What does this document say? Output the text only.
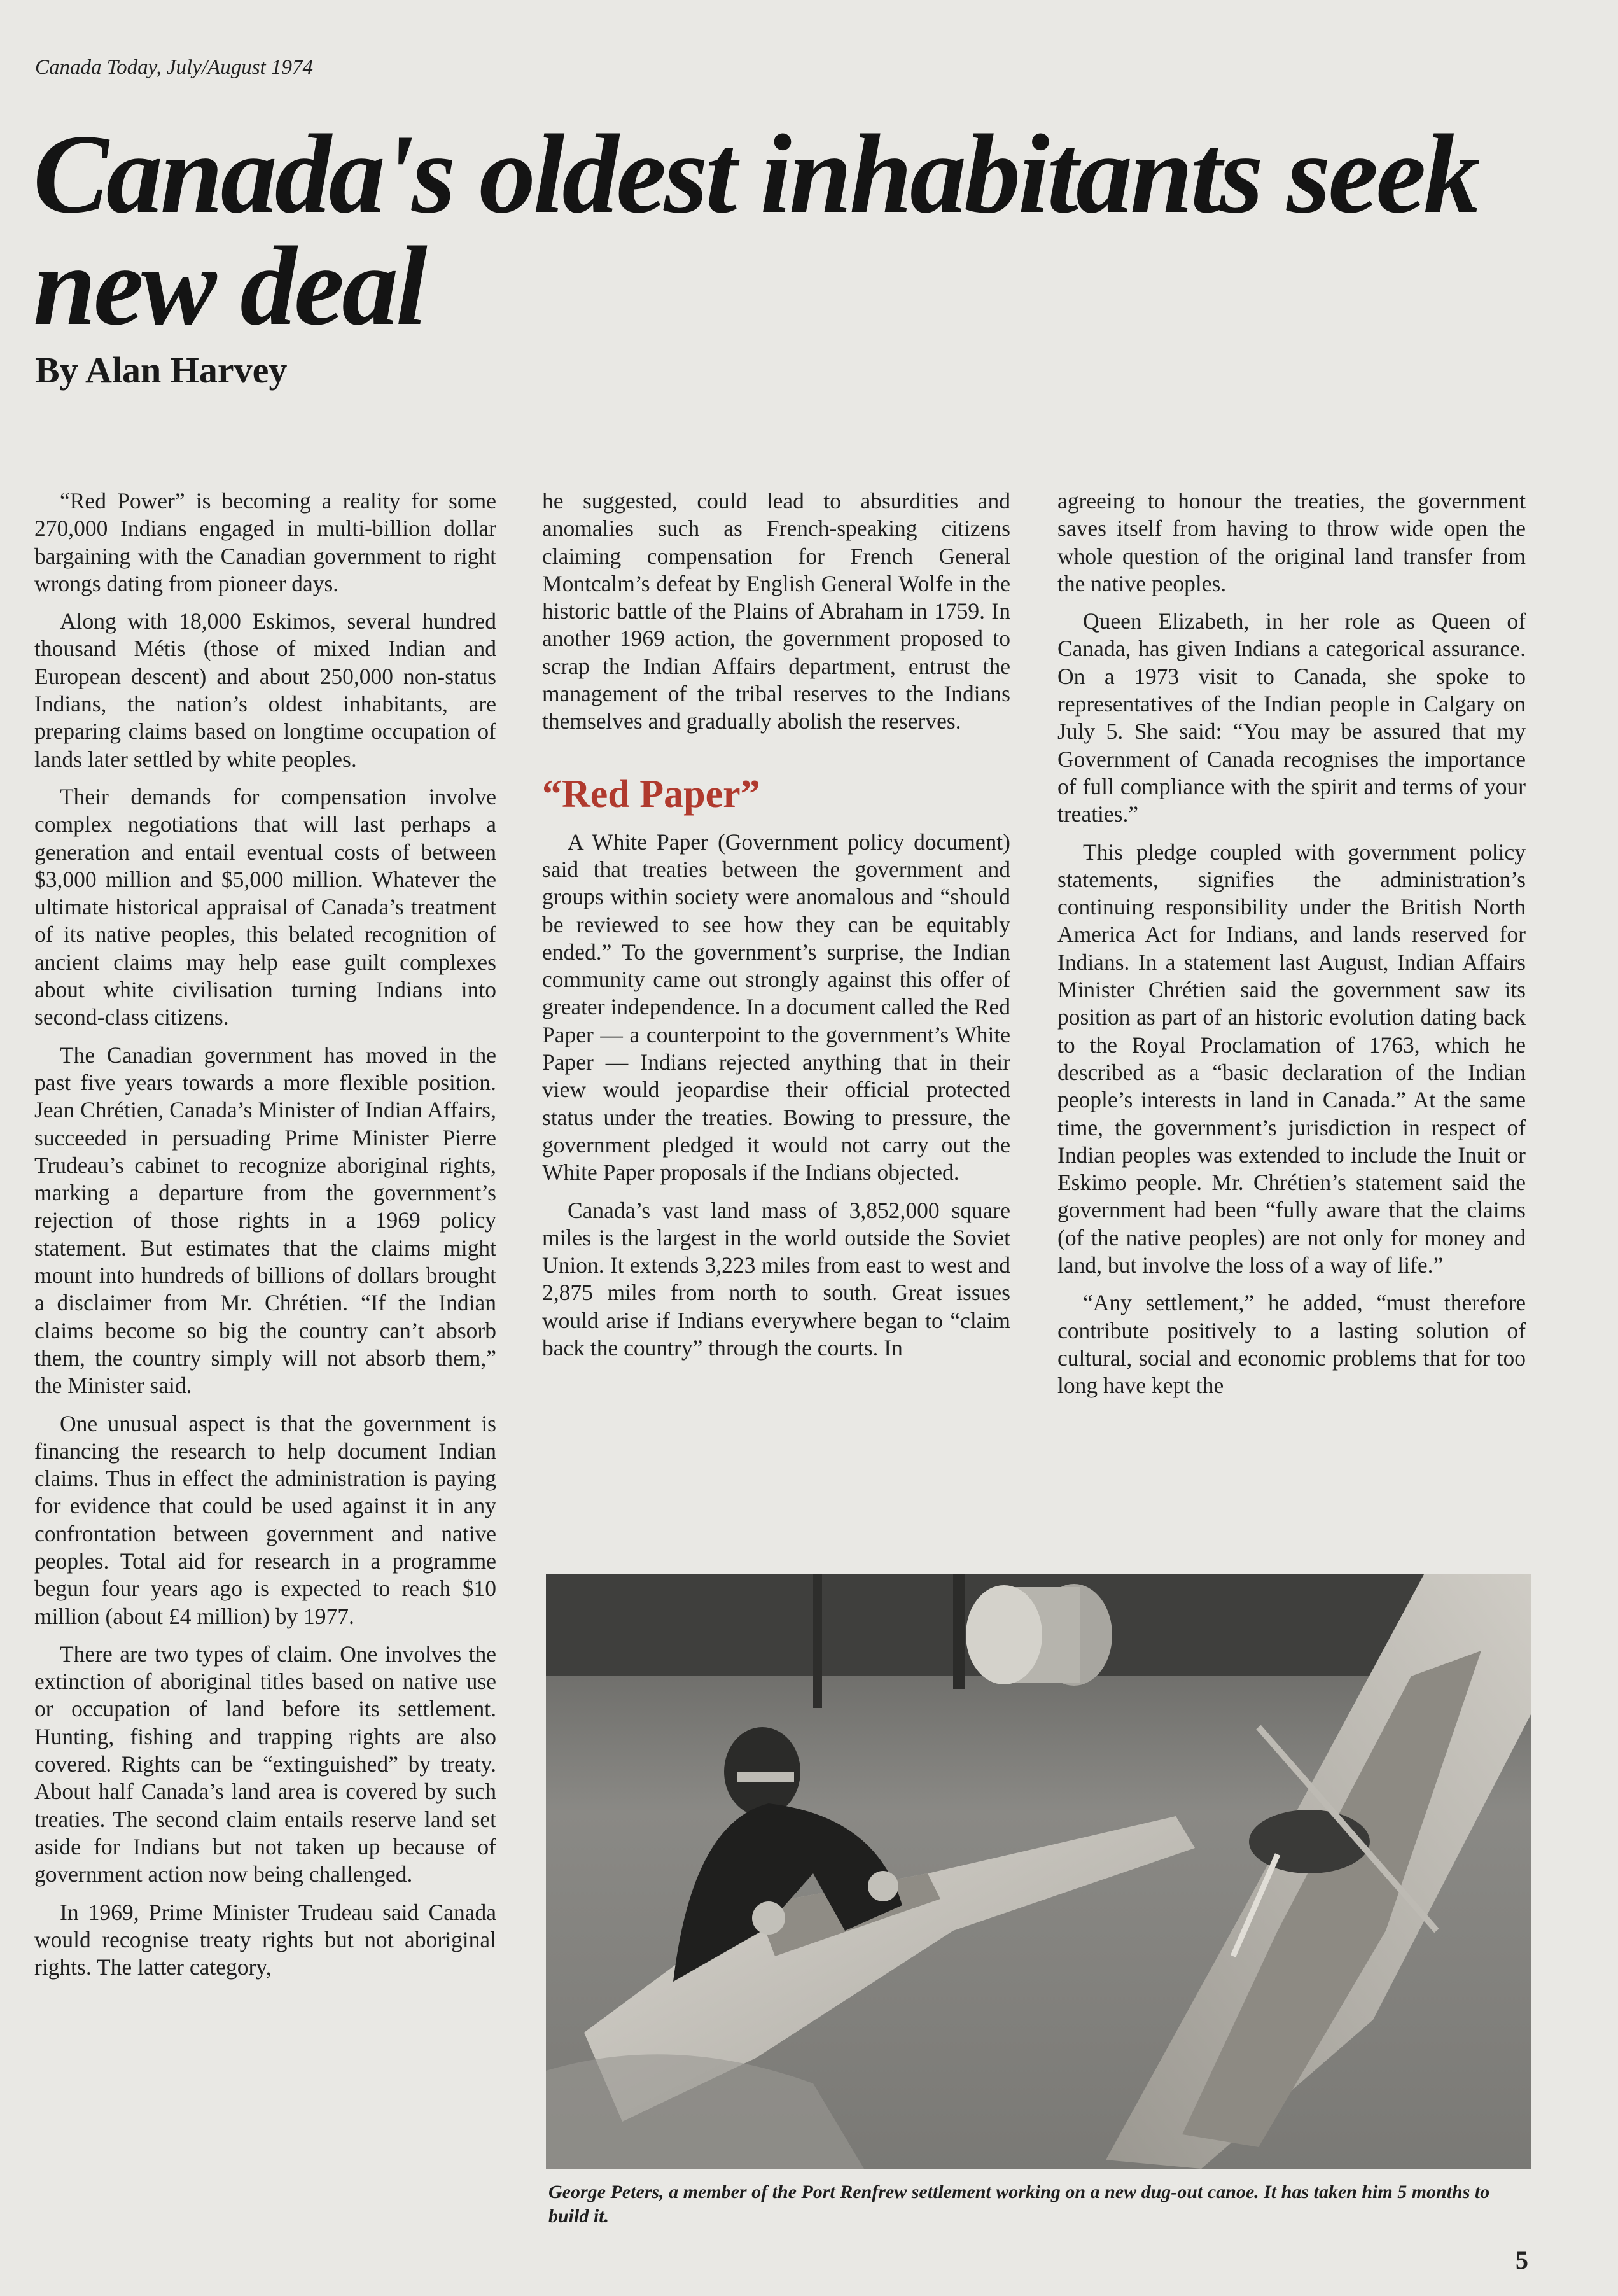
Canada Today, July/August 1974
Canada's oldest inhabitants seek new deal
By Alan Harvey

“Red Power” is becoming a reality for some 270,000 Indians engaged in multi-billion dollar bargaining with the Canadian government to right wrongs dating from pioneer days.

Along with 18,000 Eskimos, several hundred thousand Métis (those of mixed Indian and European descent) and about 250,000 non-status Indians, the nation’s oldest inhabitants, are preparing claims based on longtime occupation of lands later settled by white peoples.

Their demands for compensation involve complex negotiations that will last perhaps a generation and entail eventual costs of between $3,000 million and $5,000 million. Whatever the ultimate historical appraisal of Canada’s treatment of its native peoples, this belated recognition of ancient claims may help ease guilt complexes about white civilisation turning Indians into second-class citizens.

The Canadian government has moved in the past five years towards a more flexible position. Jean Chrétien, Canada’s Minister of Indian Affairs, succeeded in persuading Prime Minister Pierre Trudeau’s cabinet to recognize aboriginal rights, marking a departure from the government’s rejection of those rights in a 1969 policy statement. But estimates that the claims might mount into hundreds of billions of dollars brought a disclaimer from Mr. Chrétien. “If the Indian claims become so big the country can’t absorb them, the country simply will not absorb them,” the Minister said.

One unusual aspect is that the government is financing the research to help document Indian claims. Thus in effect the administration is paying for evidence that could be used against it in any confrontation between government and native peoples. Total aid for research in a programme begun four years ago is expected to reach $10 million (about £4 million) by 1977.

There are two types of claim. One involves the extinction of aboriginal titles based on native use or occupation of land before its settlement. Hunting, fishing and trapping rights are also covered. Rights can be “extinguished” by treaty. About half Canada’s land area is covered by such treaties. The second claim entails reserve land set aside for Indians but not taken up because of government action now being challenged.

In 1969, Prime Minister Trudeau said Canada would recognise treaty rights but not aboriginal rights. The latter category,

he suggested, could lead to absurdities and anomalies such as French-speaking citizens claiming compensation for French General Montcalm’s defeat by English General Wolfe in the historic battle of the Plains of Abraham in 1759. In another 1969 action, the government proposed to scrap the Indian Affairs department, entrust the management of the tribal reserves to the Indians themselves and gradually abolish the reserves.

“Red Paper”

A White Paper (Government policy document) said that treaties between the government and groups within society were anomalous and “should be reviewed to see how they can be equitably ended.” To the government’s surprise, the Indian community came out strongly against this offer of greater independence. In a document called the Red Paper — a counterpoint to the government’s White Paper — Indians rejected anything that in their view would jeopardise their official protected status under the treaties. Bowing to pressure, the government pledged it would not carry out the White Paper proposals if the Indians objected.

Canada’s vast land mass of 3,852,000 square miles is the largest in the world outside the Soviet Union. It extends 3,223 miles from east to west and 2,875 miles from north to south. Great issues would arise if Indians everywhere began to “claim back the country” through the courts. In

agreeing to honour the treaties, the government saves itself from having to throw wide open the whole question of the original land transfer from the native peoples.

Queen Elizabeth, in her role as Queen of Canada, has given Indians a categorical assurance. On a 1973 visit to Canada, she spoke to representatives of the Indian people in Calgary on July 5. She said: “You may be assured that my Government of Canada recognises the importance of full compliance with the spirit and terms of your treaties.”

This pledge coupled with government policy statements, signifies the administration’s continuing responsibility under the British North America Act for Indians, and lands reserved for Indians. In a statement last August, Indian Affairs Minister Chrétien said the government saw its position as part of an historic evolution dating back to the Royal Proclamation of 1763, which he described as a “basic declaration of the Indian people’s interests in land in Canada.” At the same time, the government’s jurisdiction in respect of Indian peoples was extended to include the Inuit or Eskimo people. Mr. Chrétien’s statement said the government had been “fully aware that the claims (of the native peoples) are not only for money and land, but involve the loss of a way of life.”

“Any settlement,” he added, “must therefore contribute positively to a lasting solution of cultural, social and economic problems that for too long have kept the

George Peters, a member of the Port Renfrew settlement working on a new dug-out canoe. It has taken him 5 months to build it.
5
